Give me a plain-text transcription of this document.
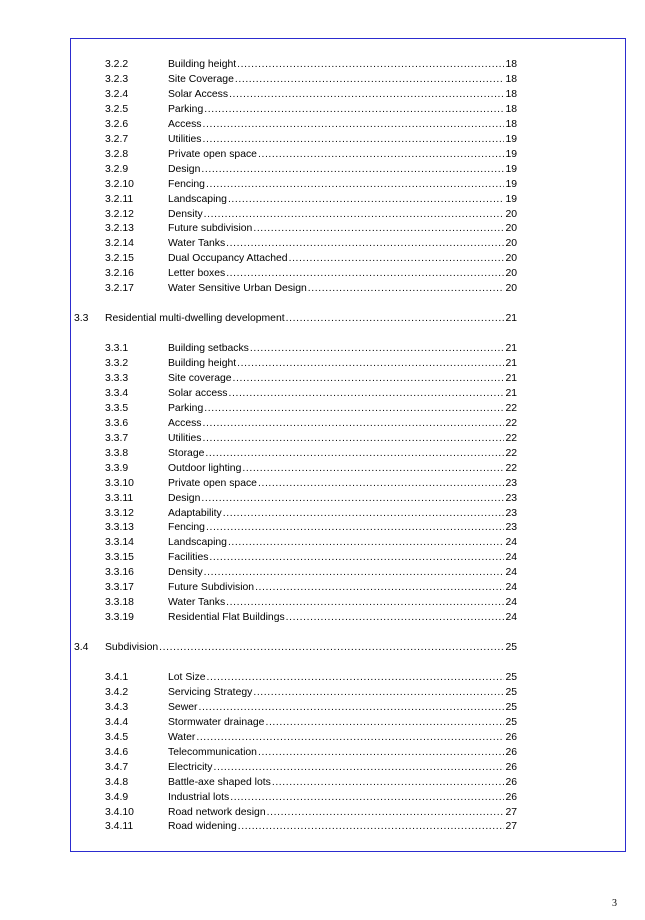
3.2.2	Building height .....	18
3.2.3	Site Coverage .....	18
3.2.4	Solar Access .....	18
3.2.5	Parking .....	18
3.2.6	Access .....	18
3.2.7	Utilities .....	19
3.2.8	Private open space .....	19
3.2.9	Design .....	19
3.2.10	Fencing .....	19
3.2.11	Landscaping .....	19
3.2.12	Density .....	20
3.2.13	Future subdivision .....	20
3.2.14	Water Tanks .....	20
3.2.15	Dual Occupancy Attached .....	20
3.2.16	Letter boxes .....	20
3.2.17	Water Sensitive Urban Design .....	20
3.3	Residential multi-dwelling development .....	21
3.3.1	Building setbacks .....	21
3.3.2	Building height .....	21
3.3.3	Site coverage .....	21
3.3.4	Solar access .....	21
3.3.5	Parking .....	22
3.3.6	Access .....	22
3.3.7	Utilities .....	22
3.3.8	Storage .....	22
3.3.9	Outdoor lighting .....	22
3.3.10	Private open space .....	23
3.3.11	Design .....	23
3.3.12	Adaptability .....	23
3.3.13	Fencing .....	23
3.3.14	Landscaping .....	24
3.3.15	Facilities .....	24
3.3.16	Density .....	24
3.3.17	Future Subdivision .....	24
3.3.18	Water Tanks .....	24
3.3.19	Residential Flat Buildings .....	24
3.4	Subdivision .....	25
3.4.1	Lot Size .....	25
3.4.2	Servicing Strategy .....	25
3.4.3	Sewer .....	25
3.4.4	Stormwater drainage .....	25
3.4.5	Water .....	26
3.4.6	Telecommunication .....	26
3.4.7	Electricity .....	26
3.4.8	Battle-axe shaped lots .....	26
3.4.9	Industrial lots .....	26
3.4.10	Road network design .....	27
3.4.11	Road widening .....	27
3
